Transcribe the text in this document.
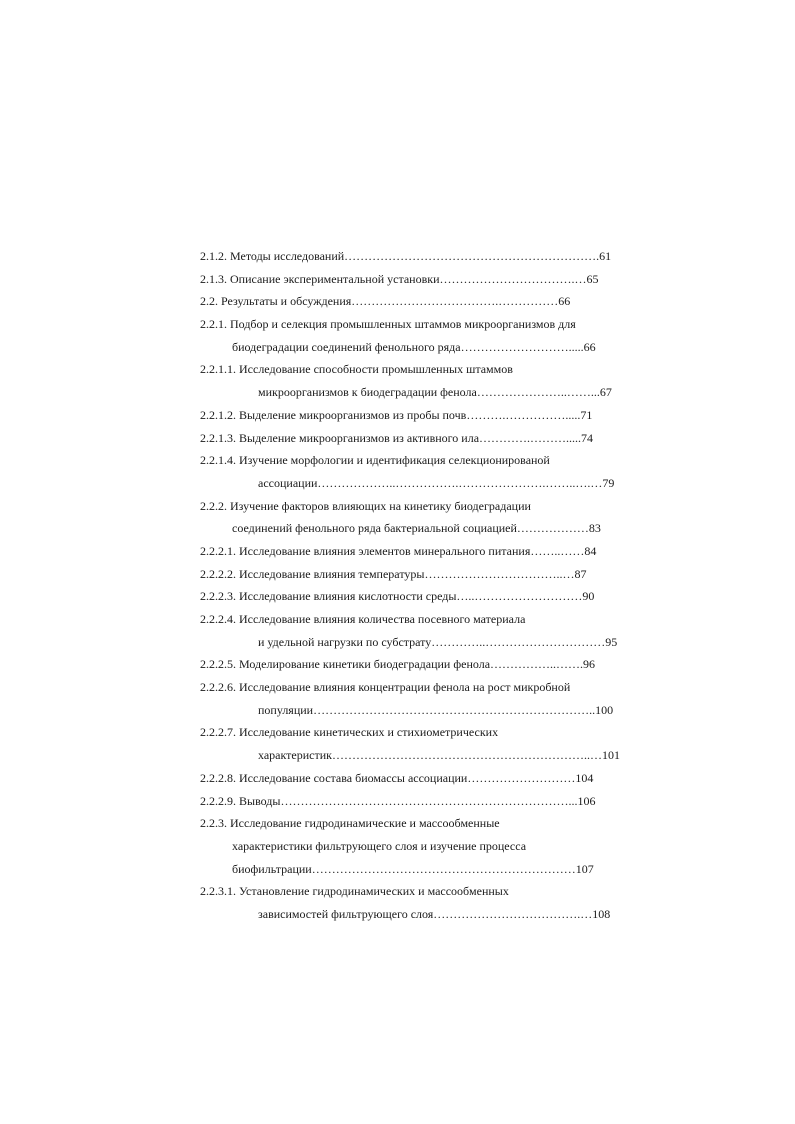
2.1.2. Методы исследований……………………………………………………….61
2.1.3. Описание экспериментальной установки…………………………….…65
2.2. Результаты и обсуждения……………………………….……………66
2.2.1. Подбор и селекция промышленных штаммов микроорганизмов для
биодеградации соединений фенольного ряда……………………….....66
2.2.1.1. Исследование способности промышленных штаммов
микроорганизмов к биодеградации фенола…………………..……...67
2.2.1.2. Выделение микроорганизмов из пробы почв……….…………….....71
2.2.1.3. Выделение микроорганизмов из активного ила………….……….....74
2.2.1.4. Изучение морфологии и идентификация селекционированой
ассоциации………………..…………….………………….……..….…79
2.2.2. Изучение факторов влияющих на кинетику биодеградации
соединений фенольного ряда бактериальной социацией………………83
2.2.2.1. Исследование влияния элементов минерального питания……..……84
2.2.2.2. Исследование влияния температуры……………………………..…87
2.2.2.3. Исследование влияния кислотности среды…..………………………90
2.2.2.4. Исследование влияния количества посевного материала
и удельной нагрузки по субстрату…………..…………………………95
2.2.2.5. Моделирование кинетики биодеградации фенола……………..…….96
2.2.2.6. Исследование влияния концентрации фенола на рост микробной
популяции……………………………………………………………..100
2.2.2.7. Исследование кинетических и стихиометрических
характеристик………………………………………………………..…101
2.2.2.8. Исследование состава биомассы ассоциации………………………104
2.2.2.9. Выводы………………………………………………………………...106
2.2.3. Исследование гидродинамические и массообменные
характеристики фильтрующего слоя и изучение процесса
биофильтрации…………………………………………………………107
2.2.3.1. Установление гидродинамических и массообменных
зависимостей фильтрующего слоя……………………………….…108
